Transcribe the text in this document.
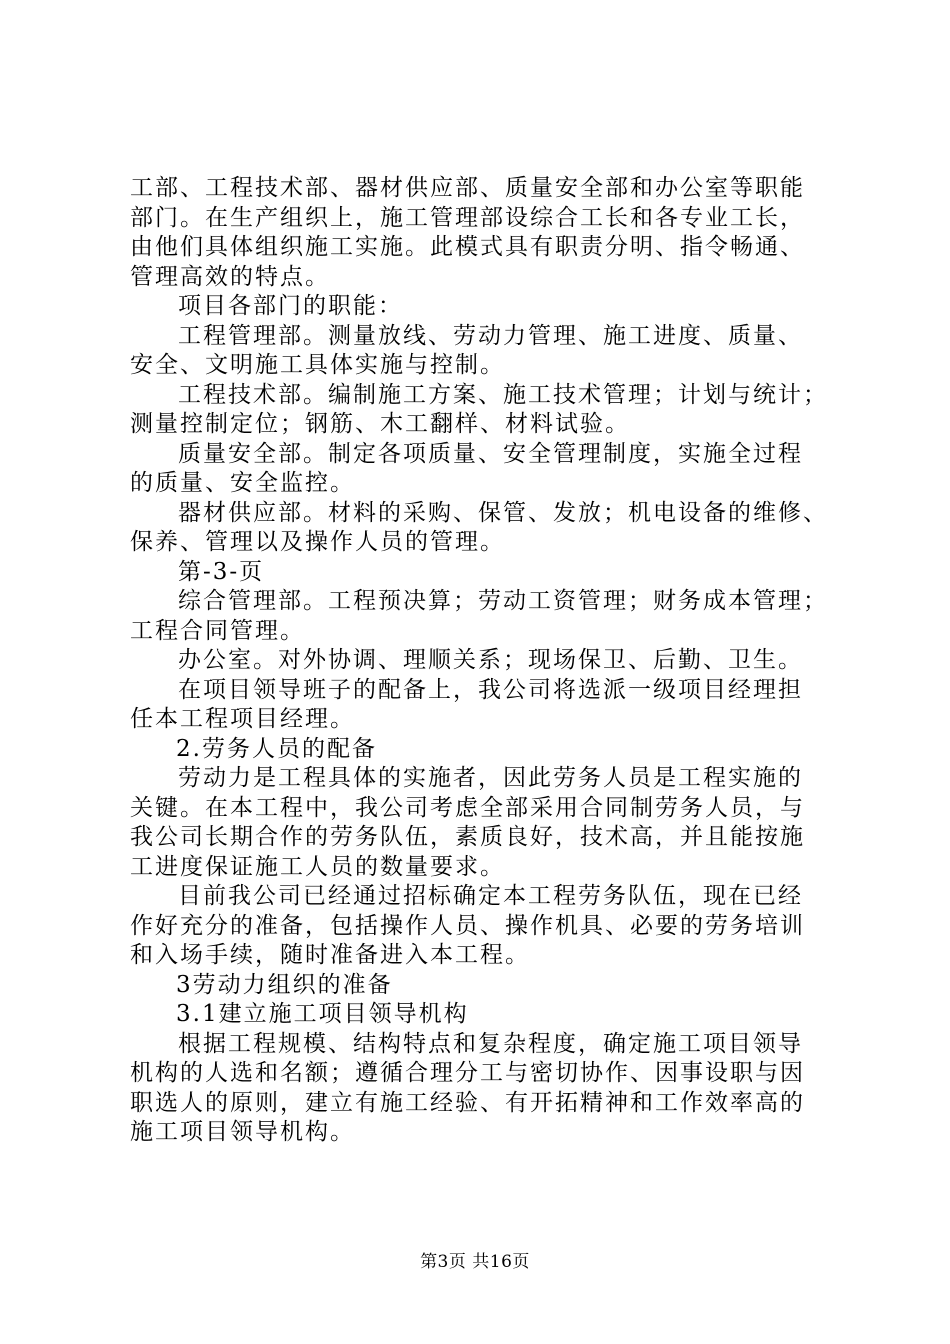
工部、工程技术部、器材供应部、质量安全部和办公室等职能
部门。在生产组织上，施工管理部设综合工长和各专业工长，
由他们具体组织施工实施。此模式具有职责分明、指令畅通、
管理高效的特点。
项目各部门的职能：
工程管理部。测量放线、劳动力管理、施工进度、质量、
安全、文明施工具体实施与控制。
工程技术部。编制施工方案、施工技术管理；计划与统计；
测量控制定位；钢筋、木工翻样、材料试验。
质量安全部。制定各项质量、安全管理制度，实施全过程
的质量、安全监控。
器材供应部。材料的采购、保管、发放；机电设备的维修、
保养、管理以及操作人员的管理。
第-3-页
综合管理部。工程预决算；劳动工资管理；财务成本管理；
工程合同管理。
办公室。对外协调、理顺关系；现场保卫、后勤、卫生。
在项目领导班子的配备上，我公司将选派一级项目经理担
任本工程项目经理。
2.劳务人员的配备
劳动力是工程具体的实施者，因此劳务人员是工程实施的
关键。在本工程中，我公司考虑全部采用合同制劳务人员，与
我公司长期合作的劳务队伍，素质良好，技术高，并且能按施
工进度保证施工人员的数量要求。
目前我公司已经通过招标确定本工程劳务队伍，现在已经
作好充分的准备，包括操作人员、操作机具、必要的劳务培训
和入场手续，随时准备进入本工程。
3劳动力组织的准备
3.1建立施工项目领导机构
根据工程规模、结构特点和复杂程度，确定施工项目领导
机构的人选和名额；遵循合理分工与密切协作、因事设职与因
职选人的原则，建立有施工经验、有开拓精神和工作效率高的
施工项目领导机构。
第3页 共16页
